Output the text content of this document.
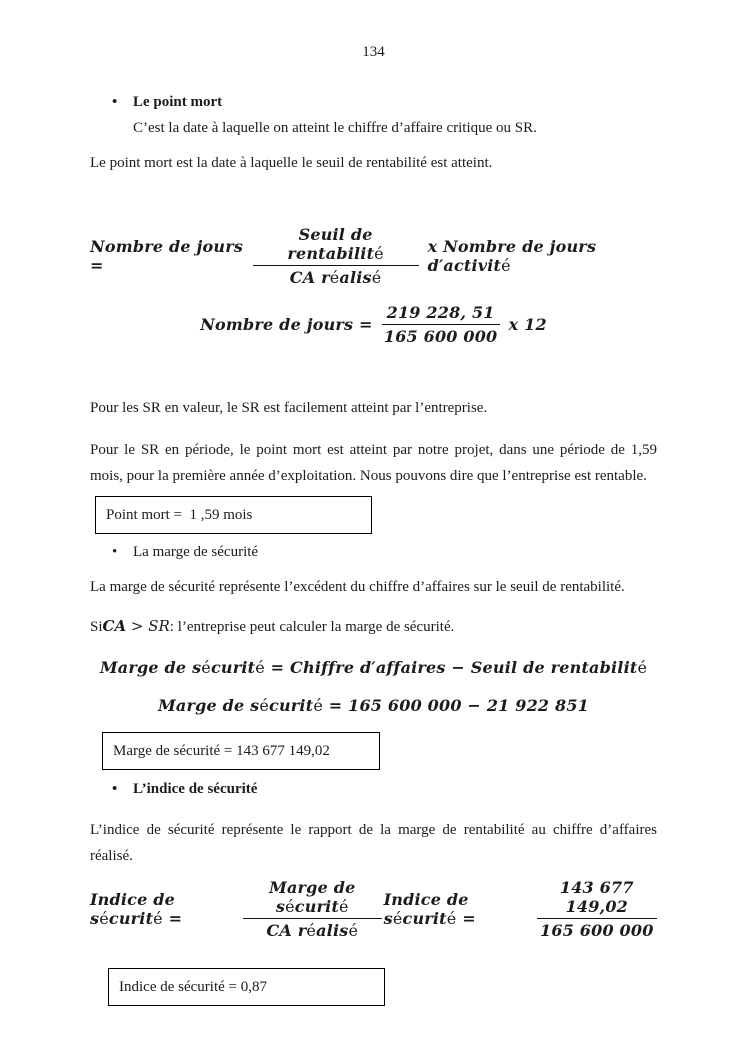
134
•	Le point mort
C’est la date à laquelle on atteint le chiffre d’affaire critique ou SR.
Le point mort est la date à laquelle le seuil de rentabilité est atteint.
Nombre de jours =	$\frac{\text{Seuil de rentabilité}}{\text{CA réalisé}}$ x Nombre de jours d′activité
Nombre de jours = $\frac{219 228, 51}{165 600 000}$ x 12
Pour les SR en valeur, le SR est facilement atteint par l’entreprise.
Pour le SR en période, le point mort est atteint par notre projet, dans une période de 1,59
mois, pour la première année d’exploitation. Nous pouvons dire que l’entreprise est rentable.
Point mort =  1 ,59 mois
•	La marge de sécurité
La marge de sécurité représente l’excédent du chiffre d’affaires sur le seuil de rentabilité.
SiCA > SR: l’entreprise peut calculer la marge de sécurité.
Marge de sécurité = Chiffre d′affaires − Seuil de rentabilité
Marge de sécurité = 165 600 000 − 21 922 851
Marge de sécurité = 143 677 149,02
•	L’indice de sécurité
L’indice de sécurité représente le rapport de la marge de rentabilité au chiffre d’affaires
réalisé.
Indice de sécurité =	$\frac{\text{Marge de sécurité}}{\text{CA réalisé}}$ Indice de sécurité =	$\frac{143 677 149,02}{165 600 000}$
Indice de sécurité = 0,87
